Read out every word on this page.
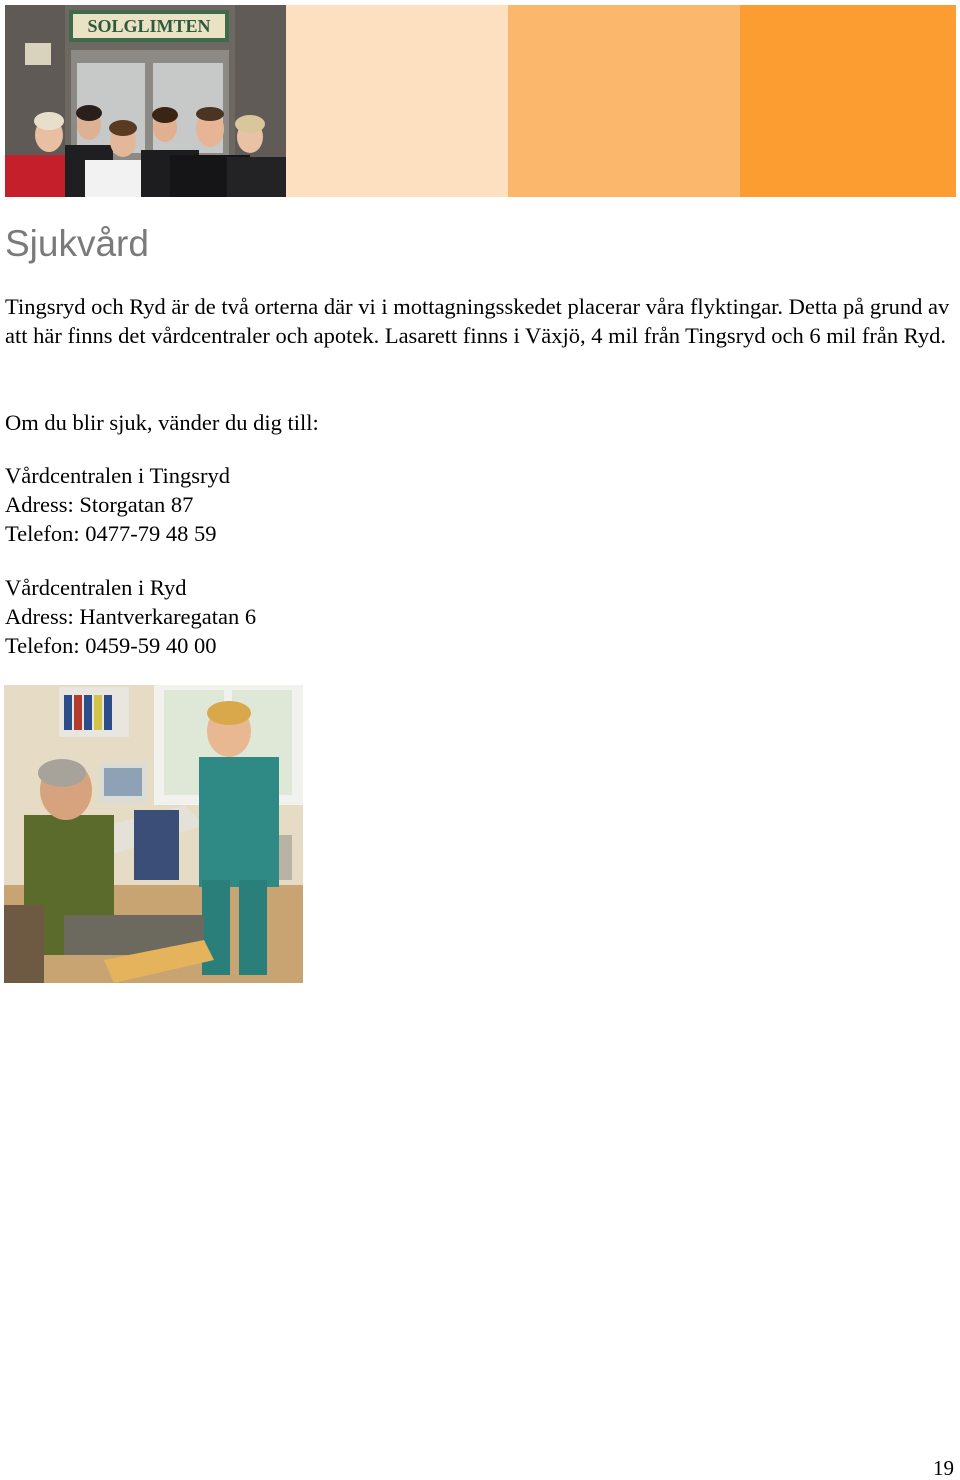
SOLGLIMTEN
Sjukvård

Tingsryd och Ryd är de två orterna där vi i mottagningsskedet placerar våra flyktingar. Detta på grund av att här finns det vårdcentraler och apotek. Lasarett finns i Växjö, 4 mil från Tingsryd och 6 mil från Ryd.

Om du blir sjuk, vänder du dig till:

Vårdcentralen i Tingsryd
Adress: Storgatan 87
Telefon: 0477-79 48 59
Vårdcentralen i Ryd
Adress: Hantverkaregatan 6
Telefon: 0459-59 40 00
19
